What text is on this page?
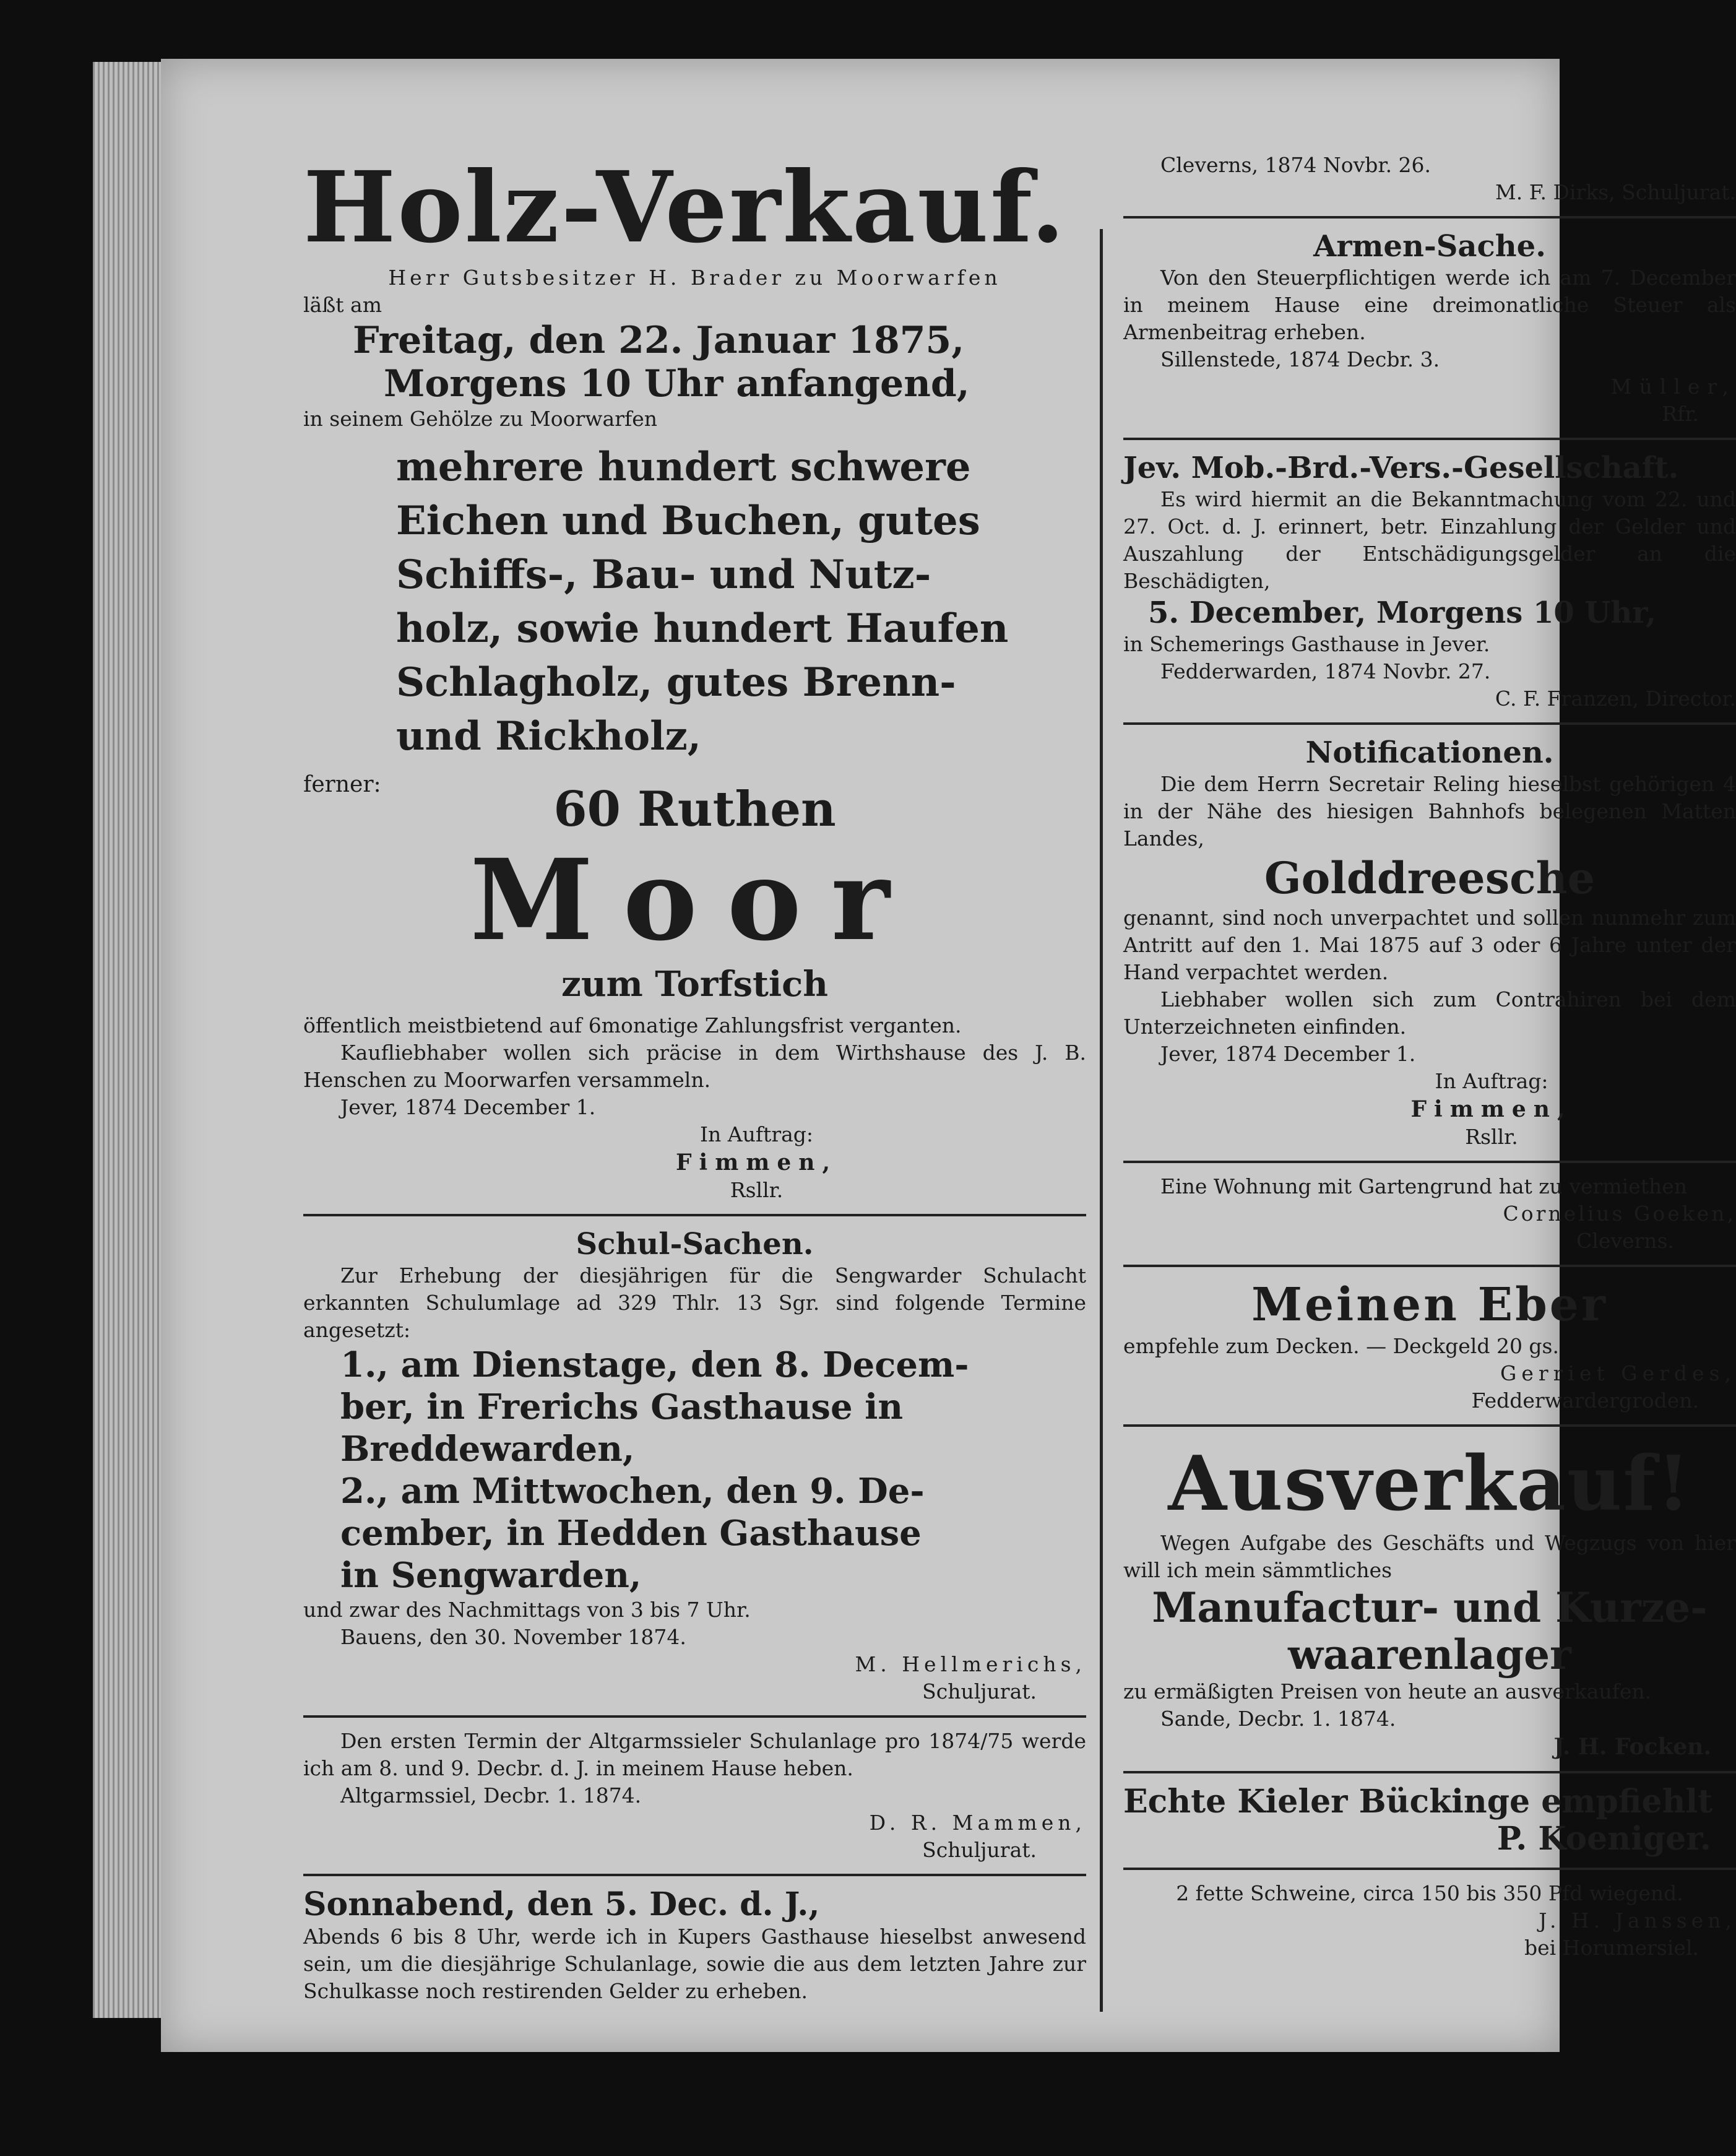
Holz-Verkauf.
Herr Gutsbesitzer H. Brader zu Moorwarfen
läßt am
Freitag, den 22. Januar 1875,
Morgens 10 Uhr anfangend,
in seinem Gehölze zu Moorwarfen
mehrere hundert schwere
Eichen und Buchen, gutes
Schiffs-, Bau- und Nutz-
holz, sowie hundert Haufen
Schlagholz, gutes Brenn-
und Rickholz,
ferner:	60 Ruthen
Moor
zum Torfstich
öffentlich meistbietend auf 6monatige Zahlungsfrist verganten.
Kaufliebhaber wollen sich präcise in dem Wirthshause des J. B. Henschen zu Moorwarfen versammeln.
Jever, 1874 December 1.
In Auftrag:
Fimmen,
Rsllr.
Schul-Sachen.
Zur Erhebung der diesjährigen für die Sengwarder Schulacht erkannten Schulumlage ad 329 Thlr. 13 Sgr. sind folgende Termine angesetzt:
1., am Dienstage, den 8. Decem-
ber, in Frerichs Gasthause in
Breddewarden,
2., am Mittwochen, den 9. De-
cember, in Hedden Gasthause
in Sengwarden,
und zwar des Nachmittags von 3 bis 7 Uhr.
Bauens, den 30. November 1874.
M. Hellmerichs,
Schuljurat.
Den ersten Termin der Altgarmssieler Schulanlage pro 1874/75 werde ich am 8. und 9. Decbr. d. J. in meinem Hause heben.
Altgarmssiel, Decbr. 1. 1874.
D. R. Mammen,
Schuljurat.
Sonnabend, den 5. Dec. d. J.,
Abends 6 bis 8 Uhr, werde ich in Kupers Gasthause hieselbst anwesend sein, um die diesjährige Schulanlage, sowie die aus dem letzten Jahre zur Schulkasse noch restirenden Gelder zu erheben.
Cleverns, 1874 Novbr. 26.
M. F. Dirks, Schuljurat.
Armen-Sache.
Von den Steuerpflichtigen werde ich am 7. December in meinem Hause eine dreimonatliche Steuer als Armenbeitrag erheben.
Sillenstede, 1874 Decbr. 3.
Müller,
Rfr.
Jev. Mob.-Brd.-Vers.-Gesellschaft.
Es wird hiermit an die Bekanntmachung vom 22. und 27. Oct. d. J. erinnert, betr. Einzahlung der Gelder und Auszahlung der Entschädigungsgelder an die Beschädigten,
5. December, Morgens 10 Uhr,
in Schemerings Gasthause in Jever.
Fedderwarden, 1874 Novbr. 27.
C. F. Franzen, Director.
Notificationen.
Die dem Herrn Secretair Reling hieselbst gehörigen 4 in der Nähe des hiesigen Bahnhofs belegenen Matten Landes,
Golddreesche
genannt, sind noch unverpachtet und sollen nunmehr zum Antritt auf den 1. Mai 1875 auf 3 oder 6 Jahre unter der Hand verpachtet werden.
Liebhaber wollen sich zum Contrahiren bei dem Unterzeichneten einfinden.
Jever, 1874 December 1.
In Auftrag:
Fimmen,
Rsllr.
Eine Wohnung mit Gartengrund hat zu vermiethen
Cornelius Goeken,
Cleverns.
Meinen Eber
empfehle zum Decken. — Deckgeld 20 gs.
Gerriet Gerdes,
Fedderwardergroden.
Ausverkauf!
Wegen Aufgabe des Geschäfts und Wegzugs von hier will ich mein sämmtliches
Manufactur- und Kurze-
waarenlager
zu ermäßigten Preisen von heute an ausverkaufen.
Sande, Decbr. 1. 1874.
J. H. Focken.
Echte Kieler Bückinge empfiehlt
P. Koeniger.
2 fette Schweine, circa 150 bis 350 Pfd wiegend.
J. H. Janssen,
bei Horumersiel.
